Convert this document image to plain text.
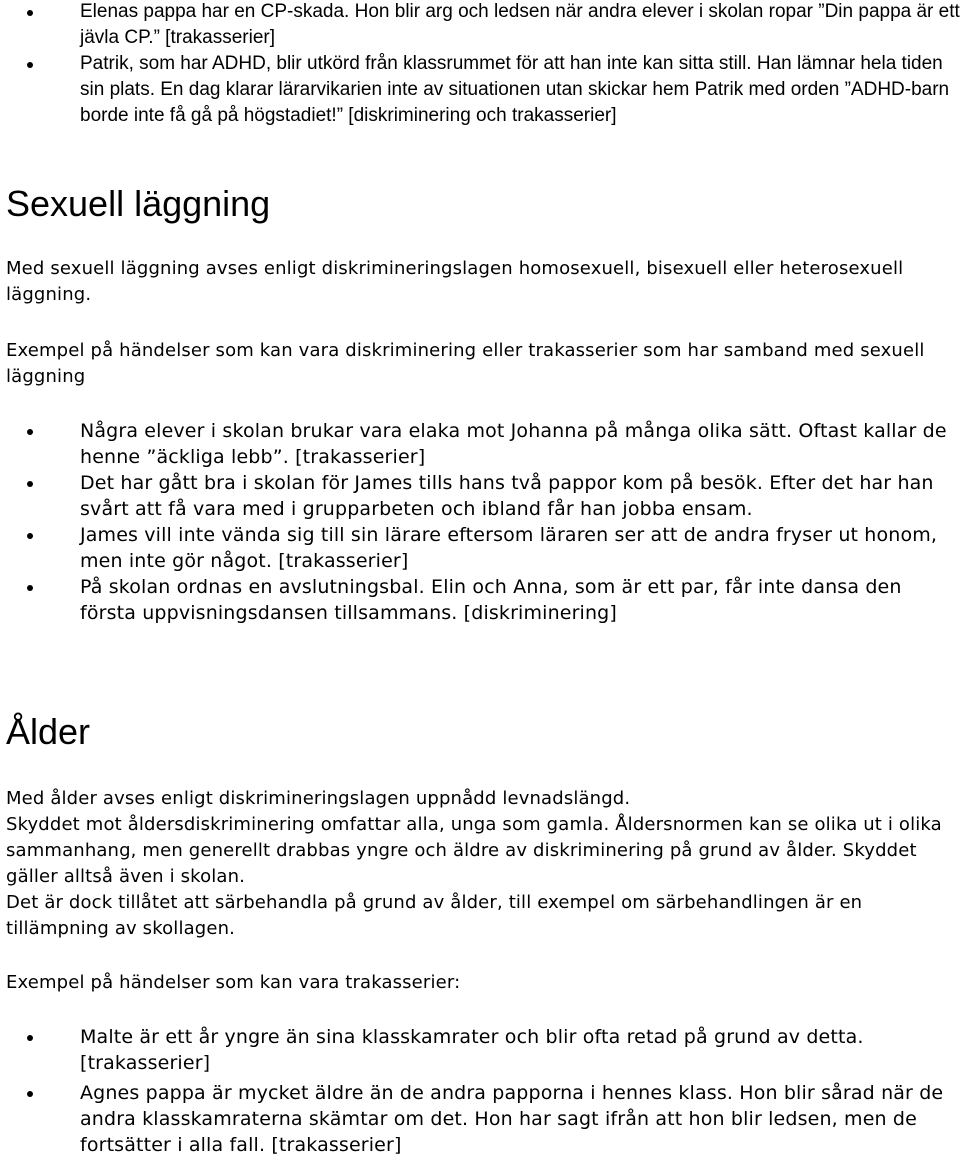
Elenas pappa har en CP-skada. Hon blir arg och ledsen när andra elever i skolan ropar ”Din pappa är ett jävla CP.” [trakasserier]
Patrik, som har ADHD, blir utkörd från klassrummet för att han inte kan sitta still. Han lämnar hela tiden sin plats. En dag klarar lärarvikarien inte av situationen utan skickar hem Patrik med orden ”ADHD-barn borde inte få gå på högstadiet!” [diskriminering och trakasserier]
Sexuell läggning

Med sexuell läggning avses enligt diskrimineringslagen homosexuell, bisexuell eller heterosexuell läggning.

Exempel på händelser som kan vara diskriminering eller trakasserier som har samband med sexuell läggning

Några elever i skolan brukar vara elaka mot Johanna på många olika sätt. Oftast kallar de henne ”äckliga lebb”. [trakasserier]
Det har gått bra i skolan för James tills hans två pappor kom på besök. Efter det har han svårt att få vara med i grupparbeten och ibland får han jobba ensam.
James vill inte vända sig till sin lärare eftersom läraren ser att de andra fryser ut honom, men inte gör något. [trakasserier]
På skolan ordnas en avslutningsbal. Elin och Anna, som är ett par, får inte dansa den första uppvisningsdansen tillsammans. [diskriminering]
Ålder

Med ålder avses enligt diskrimineringslagen uppnådd levnadslängd.

Skyddet mot åldersdiskriminering omfattar alla, unga som gamla. Åldersnormen kan se olika ut i olika sammanhang, men generellt drabbas yngre och äldre av diskriminering på grund av ålder. Skyddet gäller alltså även i skolan.

Det är dock tillåtet att särbehandla på grund av ålder, till exempel om särbehandlingen är en tillämpning av skollagen.

Exempel på händelser som kan vara trakasserier:

Malte är ett år yngre än sina klasskamrater och blir ofta retad på grund av detta. [trakasserier]
Agnes pappa är mycket äldre än de andra papporna i hennes klass. Hon blir sårad när de andra klasskamraterna skämtar om det. Hon har sagt ifrån att hon blir ledsen, men de fortsätter i alla fall. [trakasserier]
